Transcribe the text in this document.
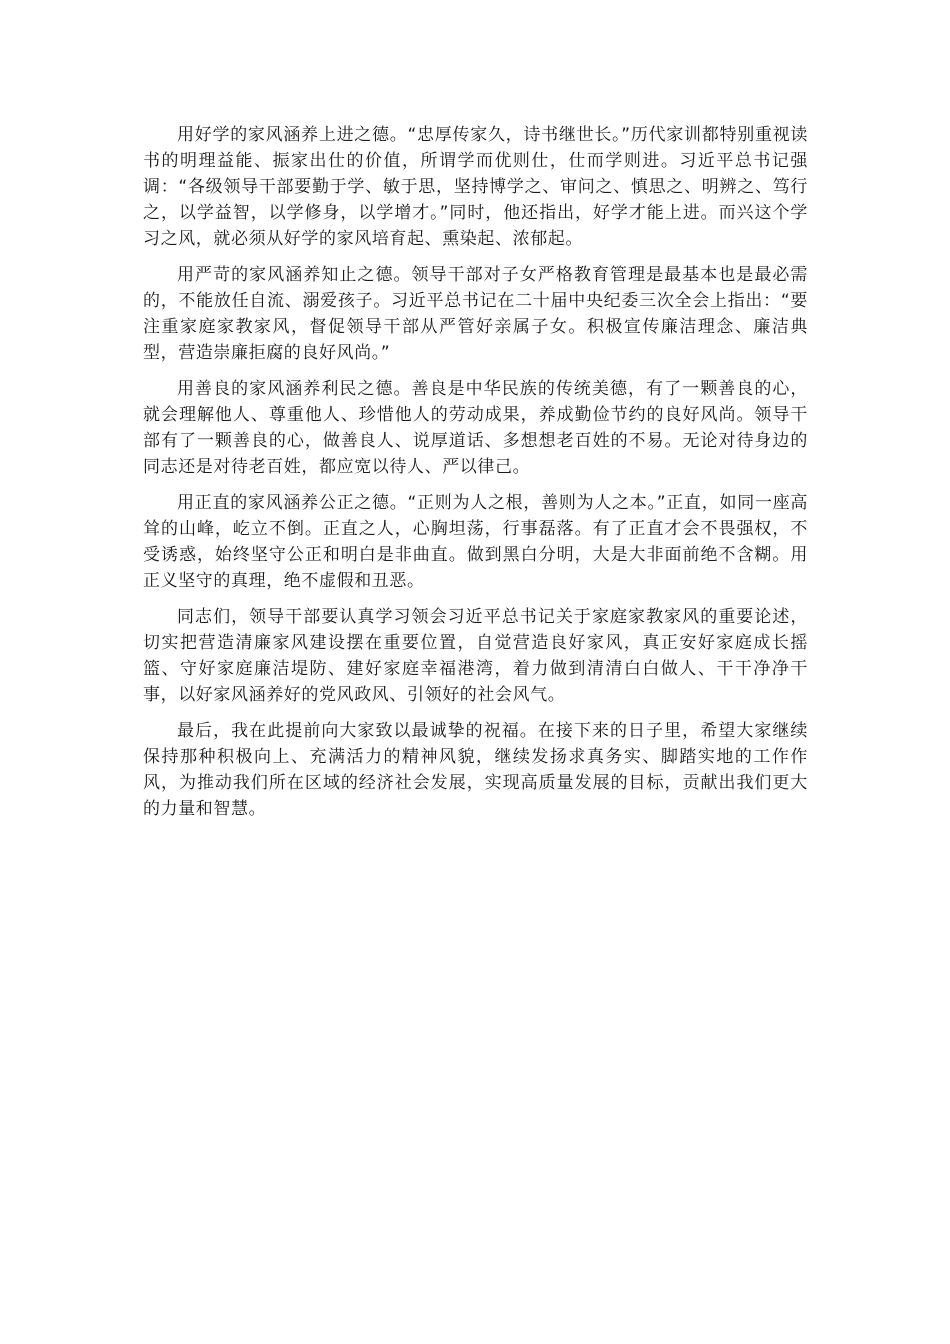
用好学的家风涵养上进之德。“忠厚传家久，诗书继世长。”历代家训都特别重视读书的明理益能、振家出仕的价值，所谓学而优则仕，仕而学则进。习近平总书记强调：“各级领导干部要勤于学、敏于思，坚持博学之、审问之、慎思之、明辨之、笃行之，以学益智，以学修身，以学增才。”同时，他还指出，好学才能上进。而兴这个学习之风，就必须从好学的家风培育起、熏染起、浓郁起。

用严苛的家风涵养知止之德。领导干部对子女严格教育管理是最基本也是最必需的，不能放任自流、溺爱孩子。习近平总书记在二十届中央纪委三次全会上指出：“要注重家庭家教家风，督促领导干部从严管好亲属子女。积极宣传廉洁理念、廉洁典型，营造崇廉拒腐的良好风尚。”

用善良的家风涵养利民之德。善良是中华民族的传统美德，有了一颗善良的心，就会理解他人、尊重他人、珍惜他人的劳动成果，养成勤俭节约的良好风尚。领导干部有了一颗善良的心，做善良人、说厚道话、多想想老百姓的不易。无论对待身边的同志还是对待老百姓，都应宽以待人、严以律己。

用正直的家风涵养公正之德。“正则为人之根，善则为人之本。”正直，如同一座高耸的山峰，屹立不倒。正直之人，心胸坦荡，行事磊落。有了正直才会不畏强权，不受诱惑，始终坚守公正和明白是非曲直。做到黑白分明，大是大非面前绝不含糊。用正义坚守的真理，绝不虚假和丑恶。

同志们，领导干部要认真学习领会习近平总书记关于家庭家教家风的重要论述，切实把营造清廉家风建设摆在重要位置，自觉营造良好家风，真正安好家庭成长摇篮、守好家庭廉洁堤防、建好家庭幸福港湾，着力做到清清白白做人、干干净净干事，以好家风涵养好的党风政风、引领好的社会风气。

最后，我在此提前向大家致以最诚挚的祝福。在接下来的日子里，希望大家继续保持那种积极向上、充满活力的精神风貌，继续发扬求真务实、脚踏实地的工作作风，为推动我们所在区域的经济社会发展，实现高质量发展的目标，贡献出我们更大的力量和智慧。
